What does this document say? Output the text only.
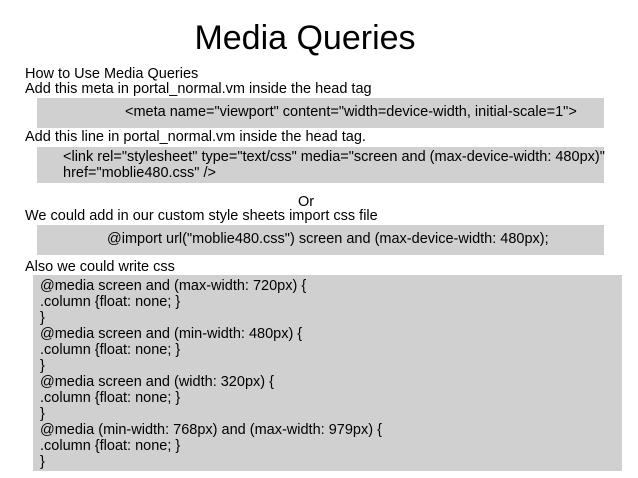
Media Queries
How to Use Media Queries
Add this meta in portal_normal.vm inside the head tag
<meta name="viewport" content="width=device-width, initial-scale=1">
Add this line in portal_normal.vm inside the head tag.
<link rel="stylesheet" type="text/css" media="screen and (max-device-width: 480px)"
href="moblie480.css" />
Or
We could add in our custom style sheets import css file
@import url("moblie480.css") screen and (max-device-width: 480px);
Also we could write css
@media screen and (max-width: 720px) {
.column {float: none; }
}
@media screen and (min-width: 480px) {
.column {float: none; }
}
@media screen and (width: 320px) {
.column {float: none; }
}
@media (min-width: 768px) and (max-width: 979px) {
.column {float: none; }
}
